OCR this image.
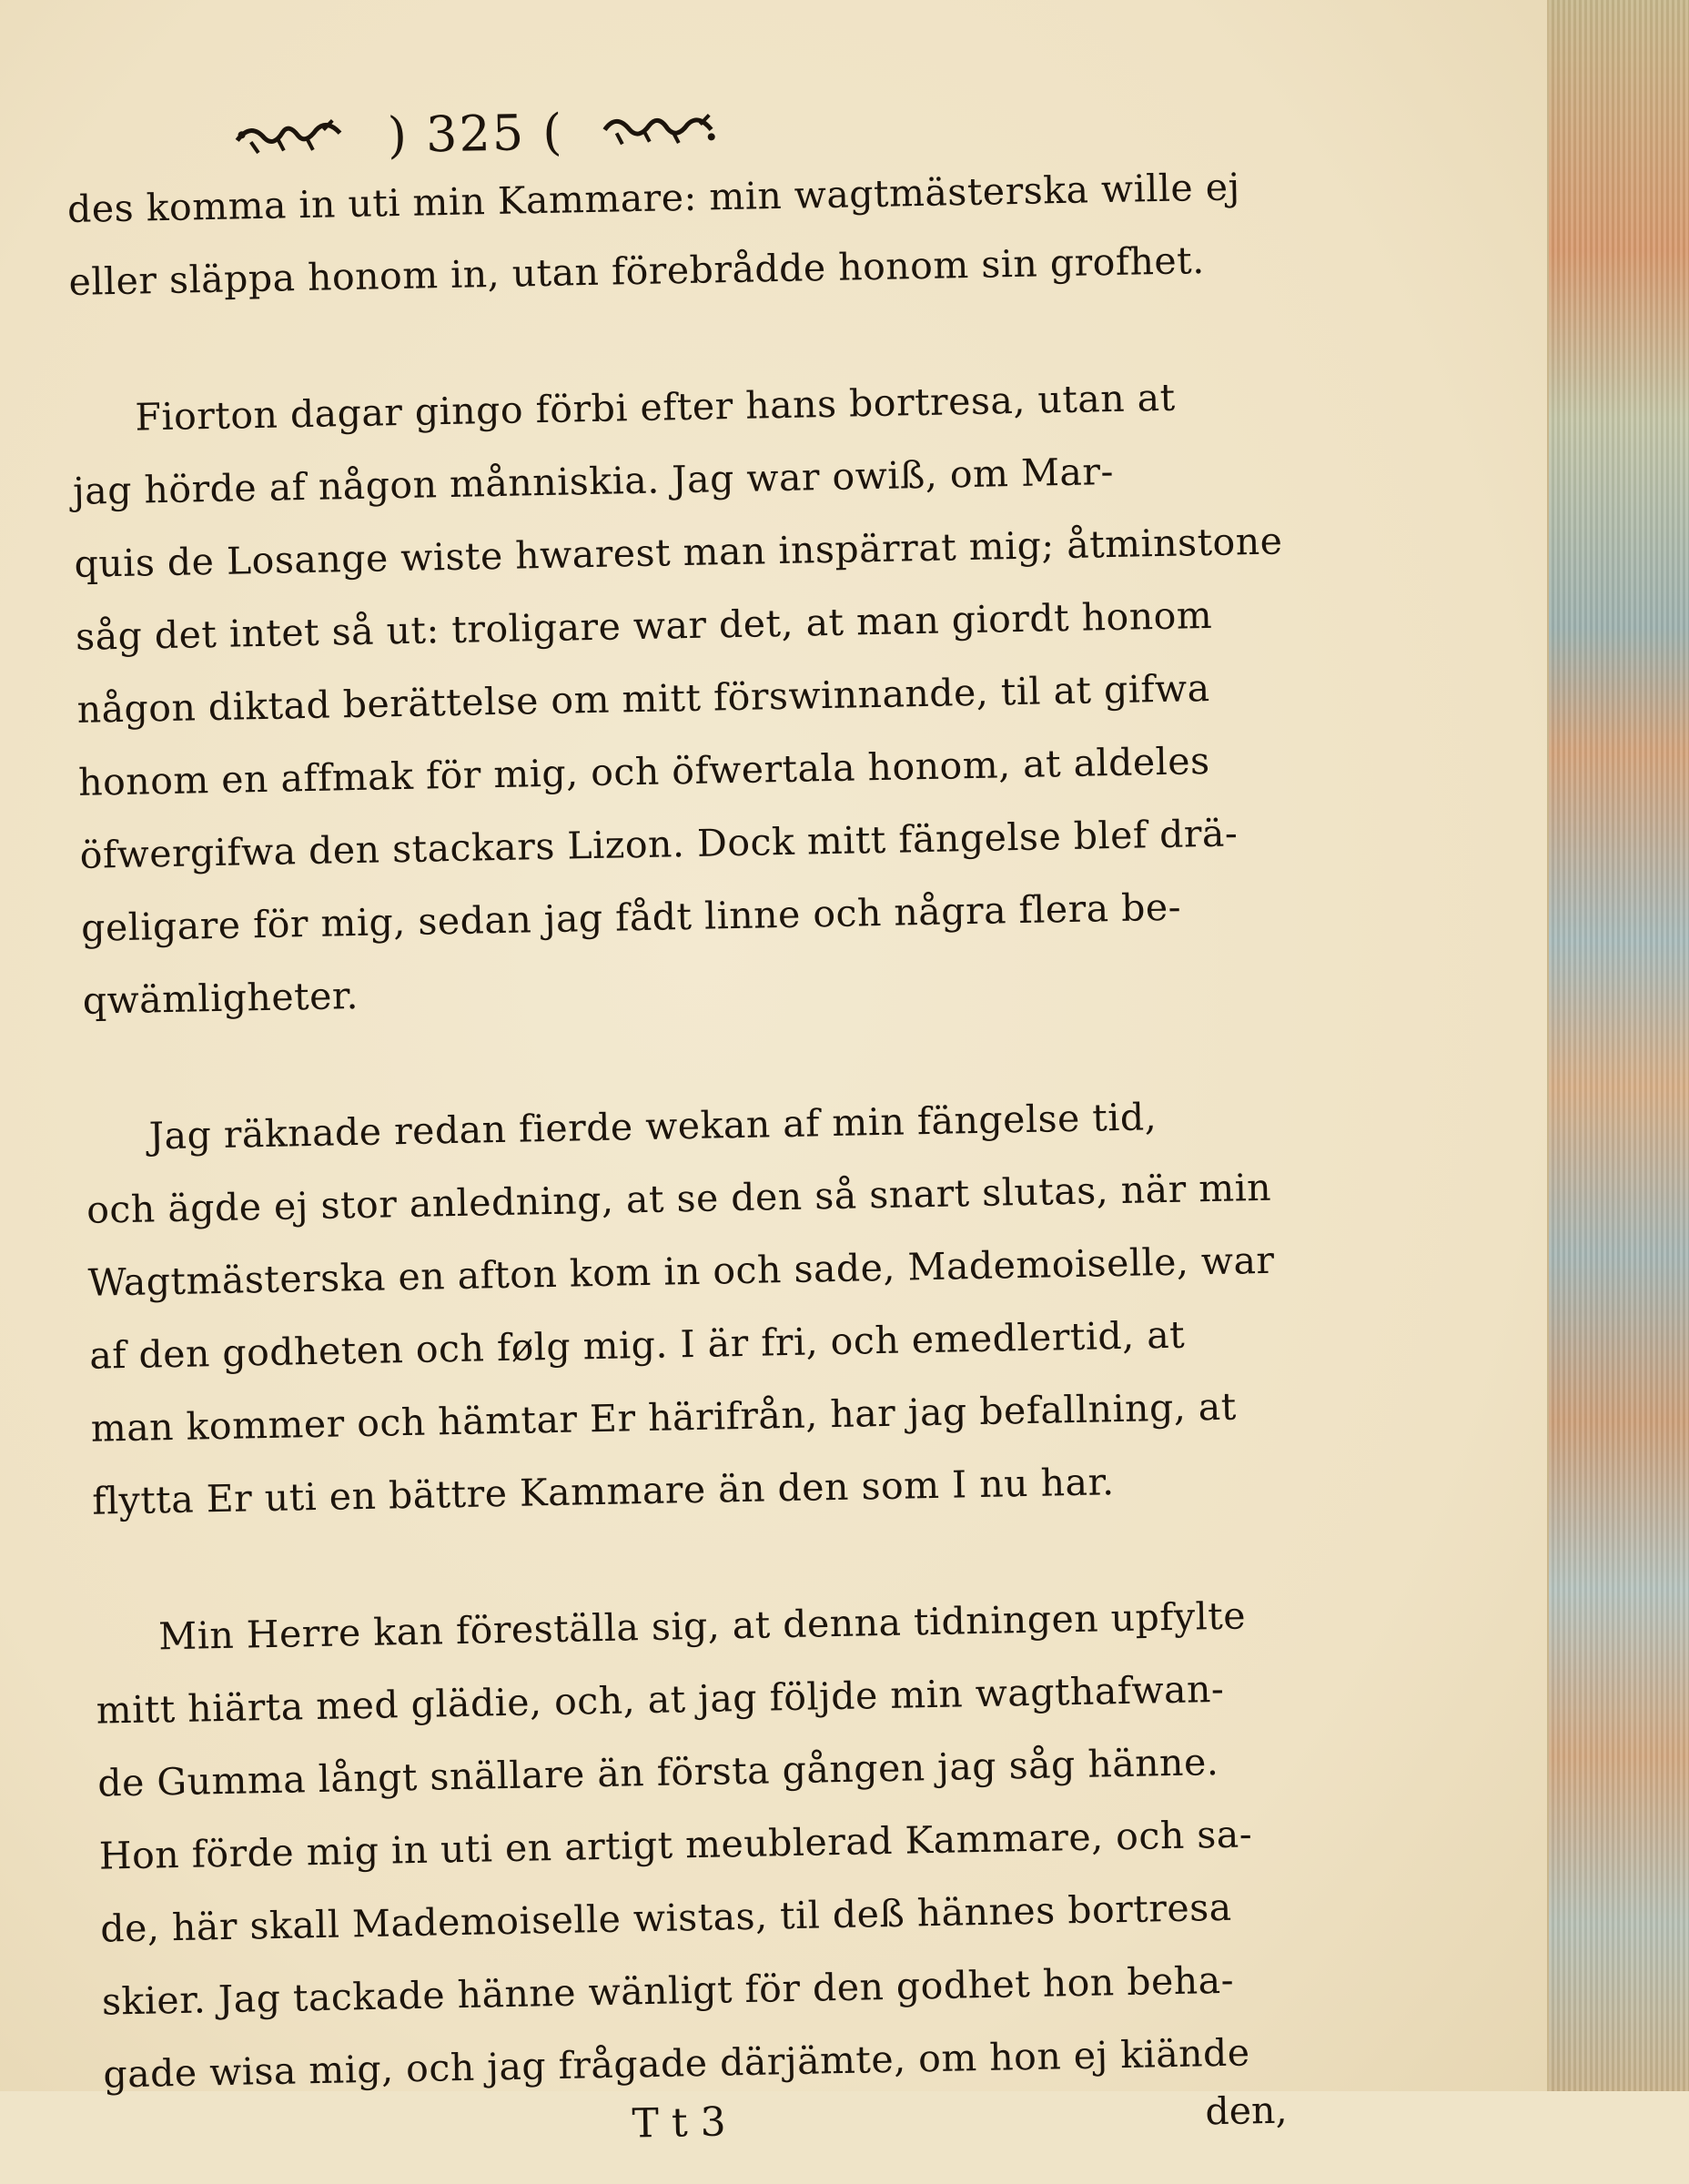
) 325 (
des komma in uti min Kammare: min wagtmästerska wille ej
eller släppa honom in, utan förebrådde honom sin grofhet.
Fiorton dagar gingo förbi efter hans bortresa, utan at
jag hörde af någon månniskia. Jag war owiß, om Mar-
quis de Losange wiste hwarest man inspärrat mig; åtminstone
såg det intet så ut: troligare war det, at man giordt honom
någon diktad berättelse om mitt förswinnande, til at gifwa
honom en affmak för mig, och öfwertala honom, at aldeles
öfwergifwa den stackars Lizon. Dock mitt fängelse blef drä-
geligare för mig, sedan jag fådt linne och några flera be-
qwämligheter.
Jag räknade redan fierde wekan af min fängelse tid,
och ägde ej stor anledning, at se den så snart slutas, när min
Wagtmästerska en afton kom in och sade, Mademoiselle, war
af den godheten och følg mig. I är fri, och emedlertid, at
man kommer och hämtar Er härifrån, har jag befallning, at
flytta Er uti en bättre Kammare än den som I nu har.
Min Herre kan föreställa sig, at denna tidningen upfylte
mitt hiärta med glädie, och, at jag följde min wagthafwan-
de Gumma långt snällare än första gången jag såg hänne.
Hon förde mig in uti en artigt meublerad Kammare, och sa-
de, här skall Mademoiselle wistas, til deß hännes bortresa
skier. Jag tackade hänne wänligt för den godhet hon beha-
gade wisa mig, och jag frågade därjämte, om hon ej kiände
T t 3	den,
